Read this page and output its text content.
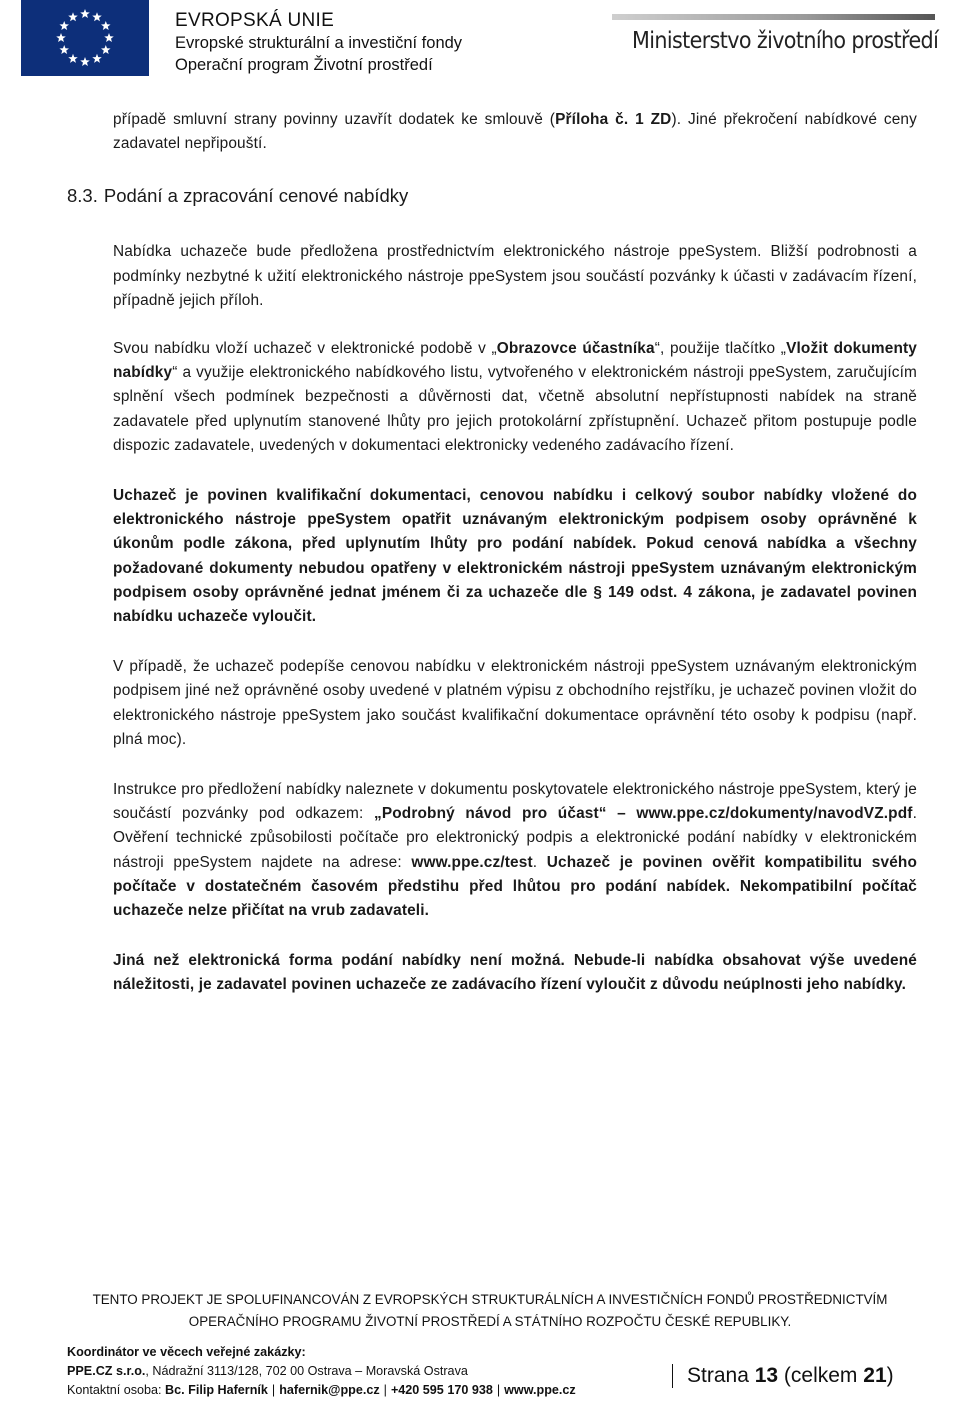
EVROPSKÁ UNIE
Evropské strukturální a investiční fondy
Operační program Životní prostředí
Ministerstvo životního prostředí

případě smluvní strany povinny uzavřít dodatek ke smlouvě (Příloha č. 1 ZD). Jiné překročení nabídkové ceny zadavatel nepřipouští.

Nabídka uchazeče bude předložena prostřednictvím elektronického nástroje ppeSystem. Bližší podrobnosti a podmínky nezbytné k užití elektronického nástroje ppeSystem jsou součástí pozvánky k účasti v zadávacím řízení, případně jejich příloh.

Svou nabídku vloží uchazeč v elektronické podobě v „Obrazovce účastníka“, použije tlačítko „Vložit dokumenty nabídky“ a využije elektronického nabídkového listu, vytvořeného v elektronickém nástroji ppeSystem, zaručujícím splnění všech podmínek bezpečnosti a důvěrnosti dat, včetně absolutní nepřístupnosti nabídek na straně zadavatele před uplynutím stanovené lhůty pro jejich protokolární zpřístupnění. Uchazeč přitom postupuje podle dispozic zadavatele, uvedených v dokumentaci elektronicky vedeného zadávacího řízení.

Uchazeč je povinen kvalifikační dokumentaci, cenovou nabídku i celkový soubor nabídky vložené do elektronického nástroje ppeSystem opatřit uznávaným elektronickým podpisem osoby oprávněné k úkonům podle zákona, před uplynutím lhůty pro podání nabídek. Pokud cenová nabídka a všechny požadované dokumenty nebudou opatřeny v elektronickém nástroji ppeSystem uznávaným elektronickým podpisem osoby oprávněné jednat jménem či za uchazeče dle § 149 odst. 4 zákona, je zadavatel povinen nabídku uchazeče vyloučit.

V případě, že uchazeč podepíše cenovou nabídku v elektronickém nástroji ppeSystem uznávaným elektronickým podpisem jiné než oprávněné osoby uvedené v platném výpisu z obchodního rejstříku, je uchazeč povinen vložit do elektronického nástroje ppeSystem jako součást kvalifikační dokumentace oprávnění této osoby k podpisu (např. plná moc).

Instrukce pro předložení nabídky naleznete v dokumentu poskytovatele elektronického nástroje ppeSystem, který je součástí pozvánky pod odkazem: „Podrobný návod pro účast“ – www.ppe.cz/dokumenty/navodVZ.pdf. Ověření technické způsobilosti počítače pro elektronický podpis a elektronické podání nabídky v elektronickém nástroji ppeSystem najdete na adrese: www.ppe.cz/test. Uchazeč je povinen ověřit kompatibilitu svého počítače v dostatečném časovém předstihu před lhůtou pro podání nabídek. Nekompatibilní počítač uchazeče nelze přičítat na vrub zadavateli.

Jiná než elektronická forma podání nabídky není možná. Nebude-li nabídka obsahovat výše uvedené náležitosti, je zadavatel povinen uchazeče ze zadávacího řízení vyloučit z důvodu neúplnosti jeho nabídky.

8.3. Podání a zpracování cenové nabídky
TENTO PROJEKT JE SPOLUFINANCOVÁN Z EVROPSKÝCH STRUKTURÁLNÍCH A INVESTIČNÍCH FONDŮ PROSTŘEDNICTVÍM
OPERAČNÍHO PROGRAMU ŽIVOTNÍ PROSTŘEDÍ A STÁTNÍHO ROZPOČTU ČESKÉ REPUBLIKY.
Koordinátor ve věcech veřejné zakázky:
PPE.CZ s.r.o., Nádražní 3113/128, 702 00 Ostrava – Moravská Ostrava
Kontaktní osoba: Bc. Filip Haferník | hafernik@ppe.cz | +420 595 170 938 | www.ppe.cz
Strana 13 (celkem 21)
